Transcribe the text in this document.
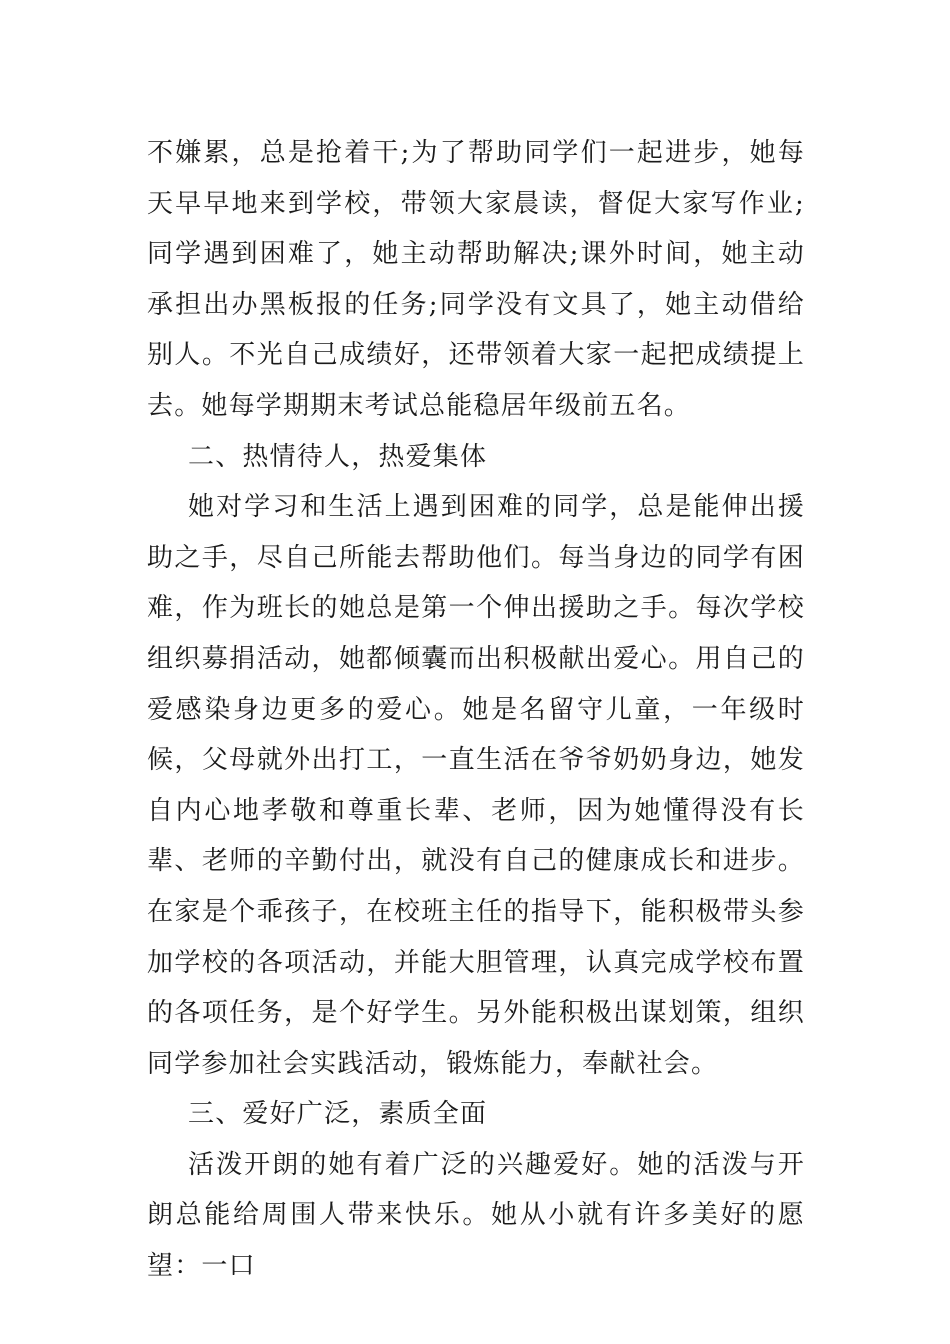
不嫌累，总是抢着干;为了帮助同学们一起进步，她每天早早地来到学校，带领大家晨读，督促大家写作业;同学遇到困难了，她主动帮助解决;课外时间，她主动承担出办黑板报的任务;同学没有文具了，她主动借给别人。不光自己成绩好，还带领着大家一起把成绩提上去。她每学期期末考试总能稳居年级前五名。

二、热情待人，热爱集体

她对学习和生活上遇到困难的同学，总是能伸出援助之手，尽自己所能去帮助他们。每当身边的同学有困难，作为班长的她总是第一个伸出援助之手。每次学校组织募捐活动，她都倾囊而出积极献出爱心。用自己的爱感染身边更多的爱心。她是名留守儿童，一年级时候，父母就外出打工，一直生活在爷爷奶奶身边，她发自内心地孝敬和尊重长辈、老师，因为她懂得没有长辈、老师的辛勤付出，就没有自己的健康成长和进步。在家是个乖孩子，在校班主任的指导下，能积极带头参加学校的各项活动，并能大胆管理，认真完成学校布置的各项任务，是个好学生。另外能积极出谋划策，组织同学参加社会实践活动，锻炼能力，奉献社会。

三、爱好广泛，素质全面

活泼开朗的她有着广泛的兴趣爱好。她的活泼与开朗总能给周围人带来快乐。她从小就有许多美好的愿望：一口
